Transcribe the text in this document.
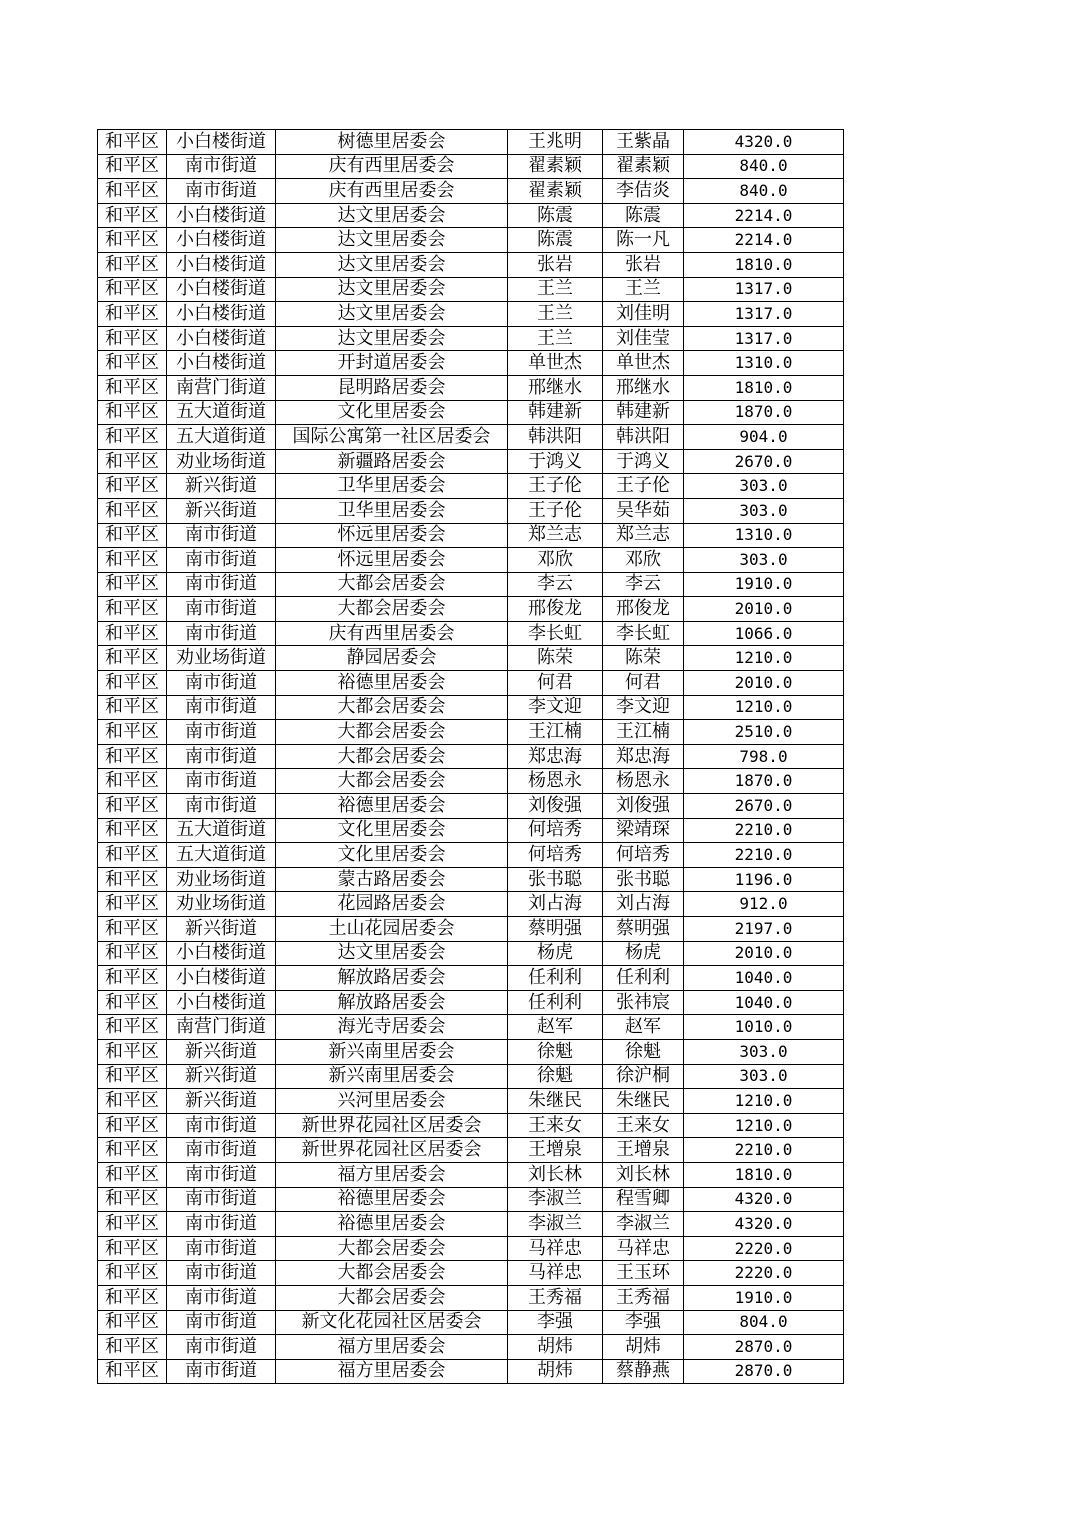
和平区	小白楼街道	树德里居委会	王兆明	王紫晶	4320.0
和平区	南市街道	庆有西里居委会	翟素颖	翟素颖	840.0
和平区	南市街道	庆有西里居委会	翟素颖	李佶炎	840.0
和平区	小白楼街道	达文里居委会	陈震	陈震	2214.0
和平区	小白楼街道	达文里居委会	陈震	陈一凡	2214.0
和平区	小白楼街道	达文里居委会	张岩	张岩	1810.0
和平区	小白楼街道	达文里居委会	王兰	王兰	1317.0
和平区	小白楼街道	达文里居委会	王兰	刘佳明	1317.0
和平区	小白楼街道	达文里居委会	王兰	刘佳莹	1317.0
和平区	小白楼街道	开封道居委会	单世杰	单世杰	1310.0
和平区	南营门街道	昆明路居委会	邢继水	邢继水	1810.0
和平区	五大道街道	文化里居委会	韩建新	韩建新	1870.0
和平区	五大道街道	国际公寓第一社区居委会	韩洪阳	韩洪阳	904.0
和平区	劝业场街道	新疆路居委会	于鸿义	于鸿义	2670.0
和平区	新兴街道	卫华里居委会	王子伦	王子伦	303.0
和平区	新兴街道	卫华里居委会	王子伦	吴华茹	303.0
和平区	南市街道	怀远里居委会	郑兰志	郑兰志	1310.0
和平区	南市街道	怀远里居委会	邓欣	邓欣	303.0
和平区	南市街道	大都会居委会	李云	李云	1910.0
和平区	南市街道	大都会居委会	邢俊龙	邢俊龙	2010.0
和平区	南市街道	庆有西里居委会	李长虹	李长虹	1066.0
和平区	劝业场街道	静园居委会	陈荣	陈荣	1210.0
和平区	南市街道	裕德里居委会	何君	何君	2010.0
和平区	南市街道	大都会居委会	李文迎	李文迎	1210.0
和平区	南市街道	大都会居委会	王江楠	王江楠	2510.0
和平区	南市街道	大都会居委会	郑忠海	郑忠海	798.0
和平区	南市街道	大都会居委会	杨恩永	杨恩永	1870.0
和平区	南市街道	裕德里居委会	刘俊强	刘俊强	2670.0
和平区	五大道街道	文化里居委会	何培秀	梁靖琛	2210.0
和平区	五大道街道	文化里居委会	何培秀	何培秀	2210.0
和平区	劝业场街道	蒙古路居委会	张书聪	张书聪	1196.0
和平区	劝业场街道	花园路居委会	刘占海	刘占海	912.0
和平区	新兴街道	土山花园居委会	蔡明强	蔡明强	2197.0
和平区	小白楼街道	达文里居委会	杨虎	杨虎	2010.0
和平区	小白楼街道	解放路居委会	任利利	任利利	1040.0
和平区	小白楼街道	解放路居委会	任利利	张祎宸	1040.0
和平区	南营门街道	海光寺居委会	赵军	赵军	1010.0
和平区	新兴街道	新兴南里居委会	徐魁	徐魁	303.0
和平区	新兴街道	新兴南里居委会	徐魁	徐沪桐	303.0
和平区	新兴街道	兴河里居委会	朱继民	朱继民	1210.0
和平区	南市街道	新世界花园社区居委会	王来女	王来女	1210.0
和平区	南市街道	新世界花园社区居委会	王增泉	王增泉	2210.0
和平区	南市街道	福方里居委会	刘长林	刘长林	1810.0
和平区	南市街道	裕德里居委会	李淑兰	程雪卿	4320.0
和平区	南市街道	裕德里居委会	李淑兰	李淑兰	4320.0
和平区	南市街道	大都会居委会	马祥忠	马祥忠	2220.0
和平区	南市街道	大都会居委会	马祥忠	王玉环	2220.0
和平区	南市街道	大都会居委会	王秀福	王秀福	1910.0
和平区	南市街道	新文化花园社区居委会	李强	李强	804.0
和平区	南市街道	福方里居委会	胡炜	胡炜	2870.0
和平区	南市街道	福方里居委会	胡炜	蔡静燕	2870.0
